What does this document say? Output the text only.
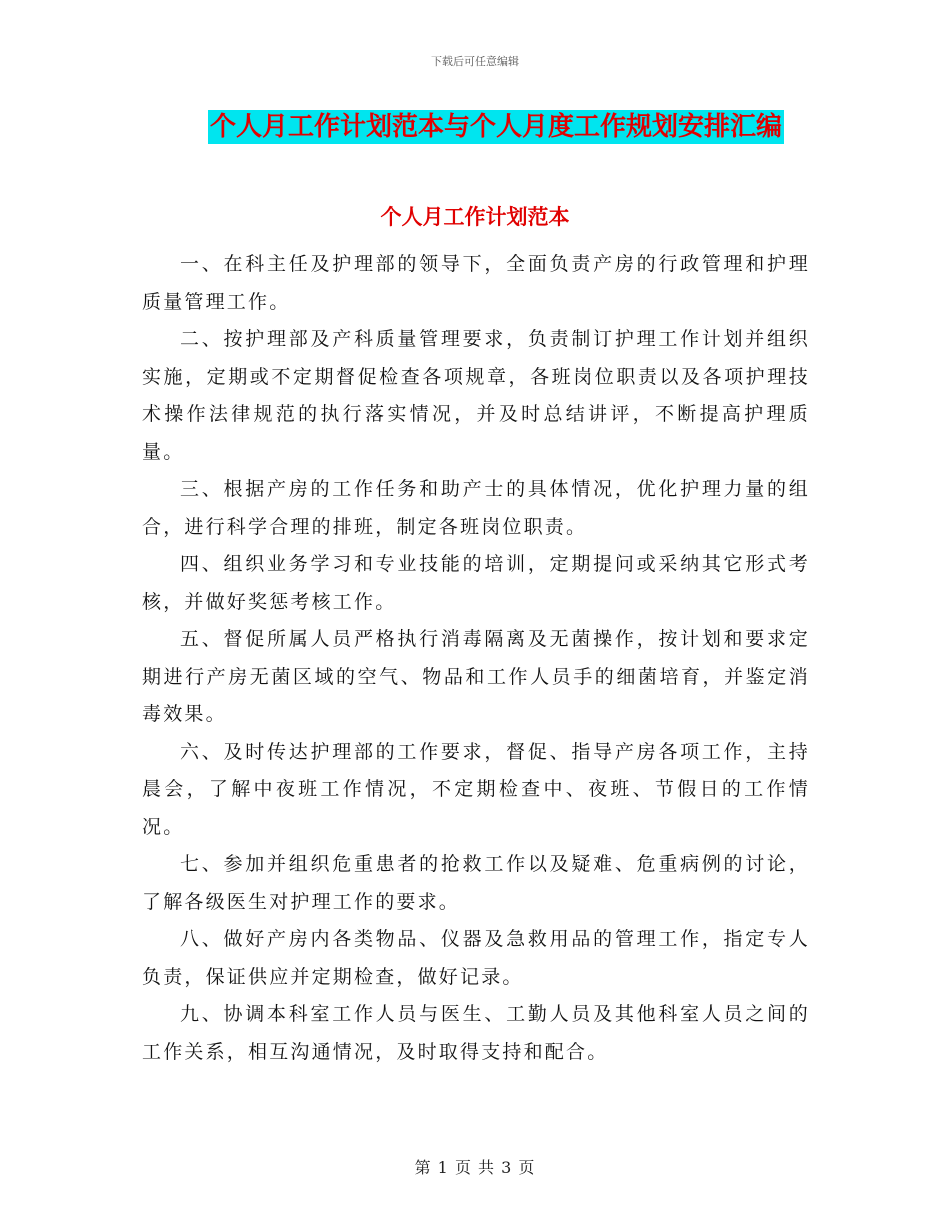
下载后可任意编辑
个人月工作计划范本与个人月度工作规划安排汇编
个人月工作计划范本

一、在科主任及护理部的领导下，全面负责产房的行政管理和护理质量管理工作。

二、按护理部及产科质量管理要求，负责制订护理工作计划并组织实施，定期或不定期督促检查各项规章，各班岗位职责以及各项护理技术操作法律规范的执行落实情况，并及时总结讲评，不断提高护理质量。

三、根据产房的工作任务和助产士的具体情况，优化护理力量的组合，进行科学合理的排班，制定各班岗位职责。

四、组织业务学习和专业技能的培训，定期提问或采纳其它形式考核，并做好奖惩考核工作。

五、督促所属人员严格执行消毒隔离及无菌操作，按计划和要求定期进行产房无菌区域的空气、物品和工作人员手的细菌培育，并鉴定消毒效果。

六、及时传达护理部的工作要求，督促、指导产房各项工作，主持晨会，了解中夜班工作情况，不定期检查中、夜班、节假日的工作情况。

七、参加并组织危重患者的抢救工作以及疑难、危重病例的讨论，了解各级医生对护理工作的要求。

八、做好产房内各类物品、仪器及急救用品的管理工作，指定专人负责，保证供应并定期检查，做好记录。

九、协调本科室工作人员与医生、工勤人员及其他科室人员之间的工作关系，相互沟通情况，及时取得支持和配合。

第 1 页 共 3 页
